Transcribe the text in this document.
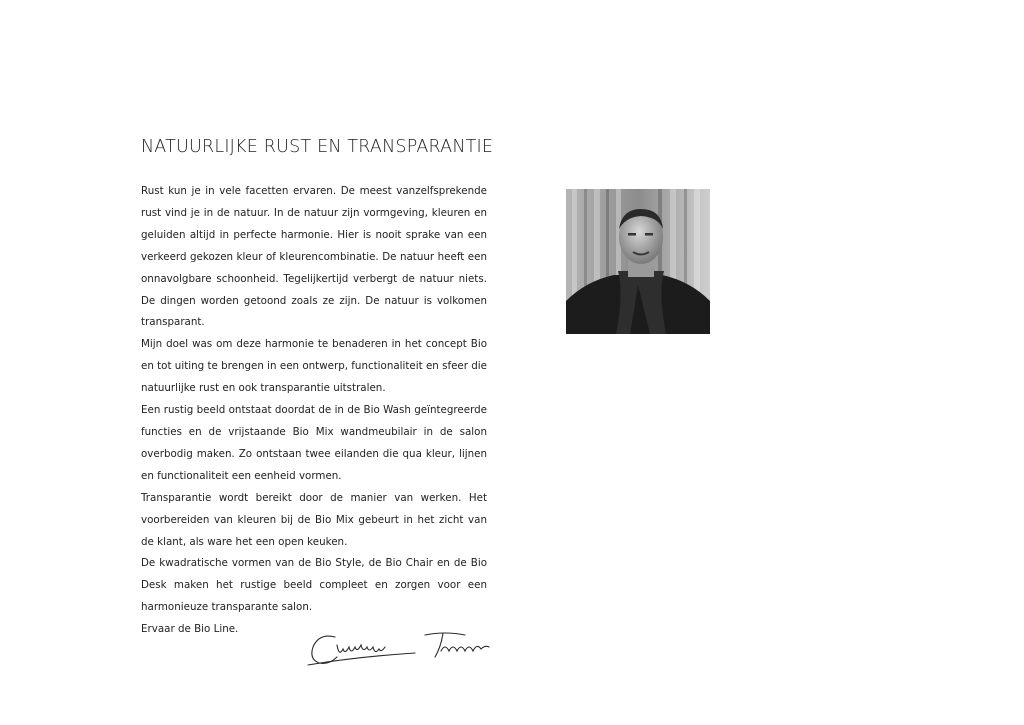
NATUURLIJKE RUST EN TRANSPARANTIE

Rust kun je in vele facetten ervaren. De meest vanzelfsprekende rust vind je in de natuur. In de natuur zijn vormgeving, kleuren en geluiden altijd in perfecte harmonie. Hier is nooit sprake van een verkeerd gekozen kleur of kleurencombinatie. De natuur heeft een onnavolgbare schoonheid. Tegelijkertijd verbergt de natuur niets. De dingen worden getoond zoals ze zijn. De natuur is volkomen transparant.

Mijn doel was om deze harmonie te benaderen in het concept Bio en tot uiting te brengen in een ontwerp, functionaliteit en sfeer die natuurlijke rust en ook transparantie uitstralen.

Een rustig beeld ontstaat doordat de in de Bio Wash geïntegreerde functies en de vrijstaande Bio Mix wandmeubilair in de salon overbodig maken. Zo ontstaan twee eilanden die qua kleur, lijnen en functionaliteit een eenheid vormen.

Transparantie wordt bereikt door de manier van werken. Het voorbereiden van kleuren bij de Bio Mix gebeurt in het zicht van de klant, als ware het een open keuken.

De kwadratische vormen van de Bio Style, de Bio Chair en de Bio Desk maken het rustige beeld compleet en zorgen voor een harmonieuze transparante salon.

Ervaar de Bio Line.
